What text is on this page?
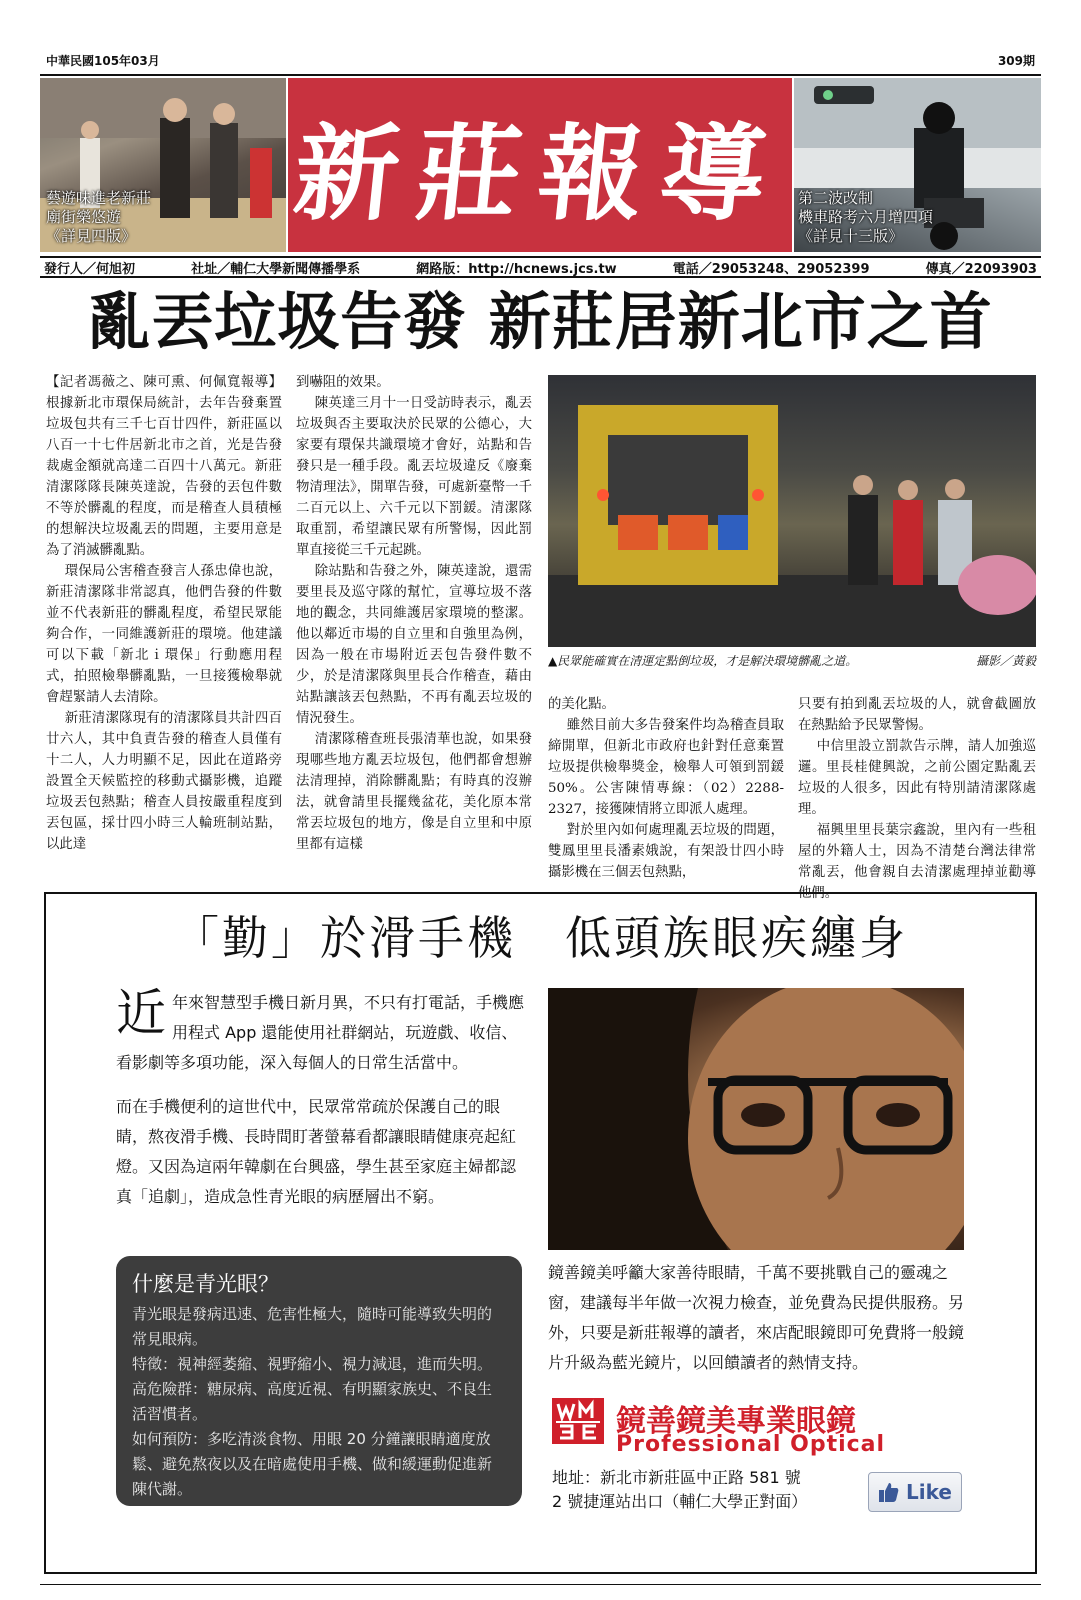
中華民國105年03月	309期
藝遊味進老新莊
廟街樂悠遊
《詳見四版》
新莊報導 第二波改制
機車路考六月增四項
《詳見十三版》
發行人／何旭初	社址／輔仁大學新聞傳播學系	網路版：http://hcnews.jcs.tw	電話／29053248、29052399	傳真／22093903
亂丟垃圾告發 新莊居新北市之首

【記者馮薇之、陳可熏、何佩寬報導】根據新北市環保局統計，去年告發棄置垃圾包共有三千七百廿四件，新莊區以八百一十七件居新北市之首，光是告發裁處金額就高達二百四十八萬元。新莊清潔隊隊長陳英達說，告發的丟包件數不等於髒亂的程度，而是稽查人員積極的想解決垃圾亂丟的問題，主要用意是為了消滅髒亂點。

環保局公害稽查發言人孫忠偉也說，新莊清潔隊非常認真，他們告發的件數並不代表新莊的髒亂程度，希望民眾能夠合作，一同維護新莊的環境。他建議可以下載「新北ｉ環保」行動應用程式，拍照檢舉髒亂點，一旦接獲檢舉就會趕緊請人去清除。

新莊清潔隊現有的清潔隊員共計四百廿六人，其中負責告發的稽查人員僅有十二人，人力明顯不足，因此在道路旁設置全天候監控的移動式攝影機，追蹤垃圾丟包熱點；稽查人員按嚴重程度到丟包區，採廿四小時三人輪班制站點，以此達

到嚇阻的效果。

陳英達三月十一日受訪時表示，亂丟垃圾與否主要取決於民眾的公德心，大家要有環保共識環境才會好，站點和告發只是一種手段。亂丟垃圾違反《廢棄物清理法》，開單告發，可處新臺幣一千二百元以上、六千元以下罰鍰。清潔隊取重罰，希望讓民眾有所警惕，因此罰單直接從三千元起跳。

除站點和告發之外，陳英達說，還需要里長及巡守隊的幫忙，宣導垃圾不落地的觀念，共同維護居家環境的整潔。他以鄰近市場的自立里和自強里為例，因為一般在市場附近丟包告發件數不少，於是清潔隊與里長合作稽查，藉由站點讓該丟包熱點，不再有亂丟垃圾的情況發生。

清潔隊稽查班長張清華也說，如果發現哪些地方亂丟垃圾包，他們都會想辦法清理掉，消除髒亂點；有時真的沒辦法，就會請里長擺幾盆花，美化原本常常丟垃圾包的地方，像是自立里和中原里都有這樣

▲民眾能確實在清運定點倒垃圾，才是解決環境髒亂之道。	攝影／黃毅

的美化點。

雖然目前大多告發案件均為稽查員取締開單，但新北市政府也針對任意棄置垃圾提供檢舉獎金，檢舉人可領到罰鍰50%。公害陳情專線：（02）2288-2327，接獲陳情將立即派人處理。

對於里內如何處理亂丟垃圾的問題，雙鳳里里長潘素娥說，有架設廿四小時攝影機在三個丟包熱點，

只要有拍到亂丟垃圾的人，就會截圖放在熱點給予民眾警惕。

中信里設立罰款告示牌，請人加強巡邏。里長桂健興說，之前公園定點亂丟垃圾的人很多，因此有特別請清潔隊處理。

福興里里長葉宗鑫說，里內有一些租屋的外籍人士，因為不清楚台灣法律常常亂丟，他會親自去清潔處理掉並勸導他們。

「勤」於滑手機　低頭族眼疾纏身

近年來智慧型手機日新月異，不只有打電話，手機應用程式 App 還能使用社群網站，玩遊戲、收信、看影劇等多項功能，深入每個人的日常生活當中。

而在手機便利的這世代中，民眾常常疏於保護自己的眼睛，熬夜滑手機、長時間盯著螢幕看都讓眼睛健康亮起紅燈。又因為這兩年韓劇在台興盛，學生甚至家庭主婦都認真「追劇」，造成急性青光眼的病歷層出不窮。

什麼是青光眼？
青光眼是發病迅速、危害性極大，隨時可能導致失明的常見眼病。
特徵：視神經萎縮、視野縮小、視力減退，進而失明。
高危險群：糖尿病、高度近視、有明顯家族史、不良生活習慣者。
如何預防：多吃清淡食物、用眼 20 分鐘讓眼睛適度放鬆、避免熬夜以及在暗處使用手機、做和緩運動促進新陳代謝。
鏡善鏡美呼籲大家善待眼睛，千萬不要挑戰自己的靈魂之窗，建議每半年做一次視力檢查，並免費為民提供服務。另外，只要是新莊報導的讀者，來店配眼鏡即可免費將一般鏡片升級為藍光鏡片，以回饋讀者的熱情支持。
鏡善鏡美專業眼鏡
Professional Optical
地址：新北市新莊區中正路 581 號
2 號捷運站出口（輔仁大學正對面）	Like
